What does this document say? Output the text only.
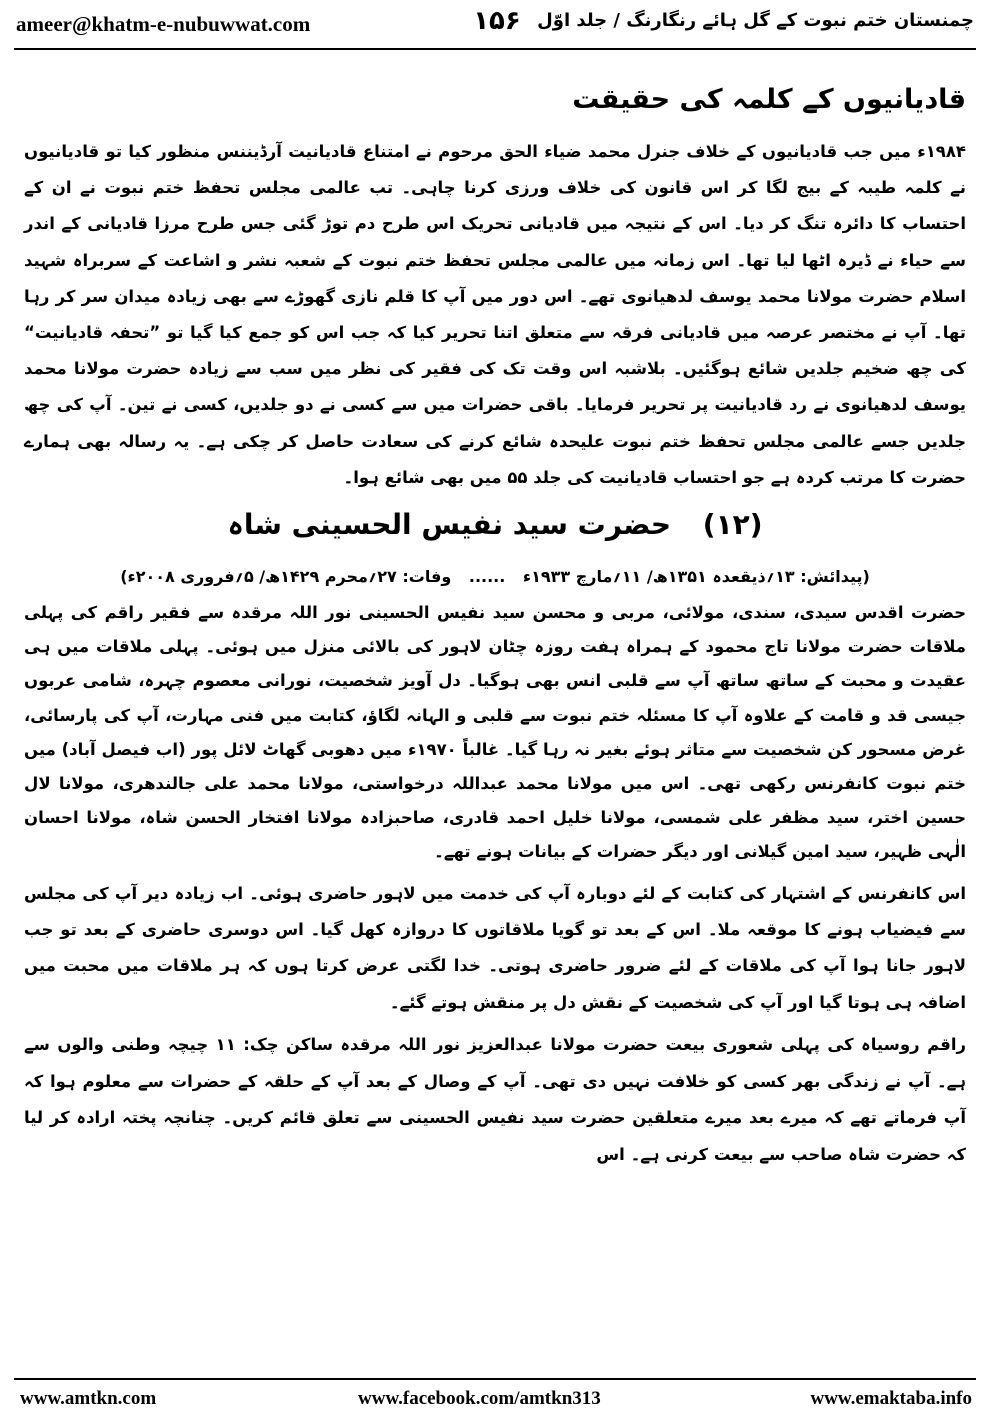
ameer@khatm-e-nubuwwat.com	۱۵۶ چمنستان ختم نبوت کے گل ہائے رنگارنگ / جلد اوّل
قادیانیوں کے کلمہ کی حقیقت

۱۹۸۴ء میں جب قادیانیوں کے خلاف جنرل محمد ضیاء الحق مرحوم نے امتناع قادیانیت آرڈیننس منظور کیا تو قادیانیوں نے کلمہ طیبہ کے بیج لگا کر اس قانون کی خلاف ورزی کرنا چاہی۔ تب عالمی مجلس تحفظ ختم نبوت نے ان کے احتساب کا دائرہ تنگ کر دیا۔ اس کے نتیجہ میں قادیانی تحریک اس طرح دم توڑ گئی جس طرح مرزا قادیانی کے اندر سے حیاء نے ڈیرہ اٹھا لیا تھا۔ اس زمانہ میں عالمی مجلس تحفظ ختم نبوت کے شعبہ نشر و اشاعت کے سربراہ شہید اسلام حضرت مولانا محمد یوسف لدھیانوی تھے۔ اس دور میں آپ کا قلم نازی گھوڑے سے بھی زیادہ میدان سر کر رہا تھا۔ آپ نے مختصر عرصہ میں قادیانی فرقہ سے متعلق اتنا تحریر کیا کہ جب اس کو جمع کیا گیا تو ”تحفہ قادیانیت“ کی چھ ضخیم جلدیں شائع ہوگئیں۔ بلاشبہ اس وقت تک کی فقیر کی نظر میں سب سے زیادہ حضرت مولانا محمد یوسف لدھیانوی نے رد قادیانیت پر تحریر فرمایا۔ باقی حضرات میں سے کسی نے دو جلدیں، کسی نے تین۔ آپ کی چھ جلدیں جسے عالمی مجلس تحفظ ختم نبوت علیحدہ شائع کرنے کی سعادت حاصل کر چکی ہے۔ یہ رسالہ بھی ہمارے حضرت کا مرتب کردہ ہے جو احتساب قادیانیت کی جلد ۵۵ میں بھی شائع ہوا۔

(۱۲) حضرت سید نفیس الحسینی شاہ

(پیدائش: ۱۳؍ذیقعدہ ۱۳۵۱ھ/ ۱۱؍مارچ ۱۹۳۳ء ...... وفات: ۲۷؍محرم ۱۴۲۹ھ/ ۵؍فروری ۲۰۰۸ء)

حضرت اقدس سیدی، سندی، مولائی، مربی و محسن سید نفیس الحسینی نور اللہ مرقدہ سے فقیر راقم کی پہلی ملاقات حضرت مولانا تاج محمود کے ہمراہ ہفت روزہ چٹان لاہور کی بالائی منزل میں ہوئی۔ پہلی ملاقات میں ہی عقیدت و محبت کے ساتھ ساتھ آپ سے قلبی انس بھی ہوگیا۔ دل آویز شخصیت، نورانی معصوم چہرہ، شامی عربوں جیسی قد و قامت کے علاوہ آپ کا مسئلہ ختم نبوت سے قلبی و الہانہ لگاؤ، کتابت میں فنی مہارت، آپ کی پارسائی، غرض مسحور کن شخصیت سے متاثر ہوئے بغیر نہ رہا گیا۔ غالباً ۱۹۷۰ء میں دھوبی گھاٹ لائل پور (اب فیصل آباد) میں ختم نبوت کانفرنس رکھی تھی۔ اس میں مولانا محمد عبداللہ درخواستی، مولانا محمد علی جالندھری، مولانا لال حسین اختر، سید مظفر علی شمسی، مولانا خلیل احمد قادری، صاحبزادہ مولانا افتخار الحسن شاہ، مولانا احسان الٰہی ظہیر، سید امین گیلانی اور دیگر حضرات کے بیانات ہونے تھے۔

اس کانفرنس کے اشتہار کی کتابت کے لئے دوبارہ آپ کی خدمت میں لاہور حاضری ہوئی۔ اب زیادہ دیر آپ کی مجلس سے فیضیاب ہونے کا موقعہ ملا۔ اس کے بعد تو گویا ملاقاتوں کا دروازہ کھل گیا۔ اس دوسری حاضری کے بعد تو جب لاہور جانا ہوا آپ کی ملاقات کے لئے ضرور حاضری ہوتی۔ خدا لگتی عرض کرتا ہوں کہ ہر ملاقات میں محبت میں اضافہ ہی ہوتا گیا اور آپ کی شخصیت کے نقش دل پر منقش ہوتے گئے۔

راقم روسیاہ کی پہلی شعوری بیعت حضرت مولانا عبدالعزیز نور اللہ مرقدہ ساکن چک: ۱۱ چیچہ وطنی والوں سے ہے۔ آپ نے زندگی بھر کسی کو خلافت نہیں دی تھی۔ آپ کے وصال کے بعد آپ کے حلقہ کے حضرات سے معلوم ہوا کہ آپ فرماتے تھے کہ میرے بعد میرے متعلقین حضرت سید نفیس الحسینی سے تعلق قائم کریں۔ چنانچہ پختہ ارادہ کر لیا کہ حضرت شاہ صاحب سے بیعت کرنی ہے۔ اس

www.amtkn.com	www.facebook.com/amtkn313	www.emaktaba.info
